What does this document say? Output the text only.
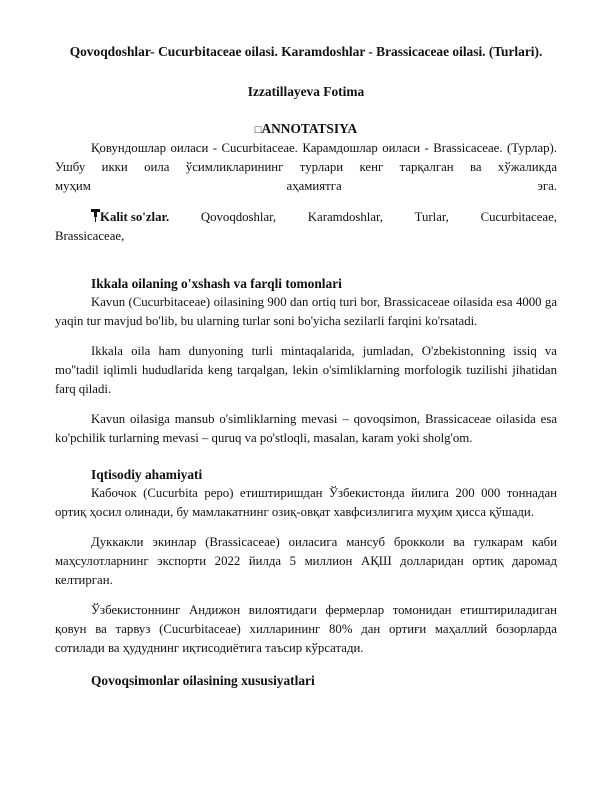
Qovoqdoshlar- Cucurbitaceae oilasi. Karamdoshlar - Brassicaceae oilasi. (Turlari).
Izzatillayeva Fotima
□ANNOTATSIYA

Қовундошлар оиласи - Cucurbitaceae. Карамдошлар оиласи - Brassicaceae. (Турлар). Ушбу икки оила ўсимликларининг турлари кенг тарқалган ва хўжаликда

муҳим	аҳамиятга	эга.
Kalit so'zlar. Qovoqdoshlar, Karamdoshlar, Turlar, Cucurbitaceae,

Brassicaceae,

Ikkala oilaning o'xshash va farqli tomonlari

Kavun (Cucurbitaceae) oilasining 900 dan ortiq turi bor, Brassicaceae oilasida esa 4000 ga yaqin tur mavjud bo'lib, bu ularning turlar soni bo'yicha sezilarli farqini ko'rsatadi.

Ikkala oila ham dunyoning turli mintaqalarida, jumladan, O'zbekistonning issiq va mo''tadil iqlimli hududlarida keng tarqalgan, lekin o'simliklarning morfologik tuzilishi jihatidan farq qiladi.

Kavun oilasiga mansub o'simliklarning mevasi – qovoqsimon, Brassicaceae oilasida esa ko'pchilik turlarning mevasi – quruq va po'stloqli, masalan, karam yoki sholg'om.

Iqtisodiy ahamiyati

Кабочок (Cucurbita pepo) етиштиришдан Ўзбекистонда йилига 200 000 тоннадан ортиқ ҳосил олинади, бу мамлакатнинг озиқ-овқат хавфсизлигига муҳим ҳисса қўшади.

Дуккакли экинлар (Brassicaceae) оиласига мансуб брокколи ва гулкарам каби маҳсулотларнинг экспорти 2022 йилда 5 миллион АҚШ долларидан ортиқ даромад келтирган.

Ўзбекистоннинг Андижон вилоятидаги фермерлар томонидан етиштириладиган қовун ва тарвуз (Cucurbitaceae) хилларининг 80% дан ортиғи маҳаллий бозорларда сотилади ва ҳудуднинг иқтисодиётига таъсир кўрсатади.

Qovoqsimonlar oilasining xususiyatlari
